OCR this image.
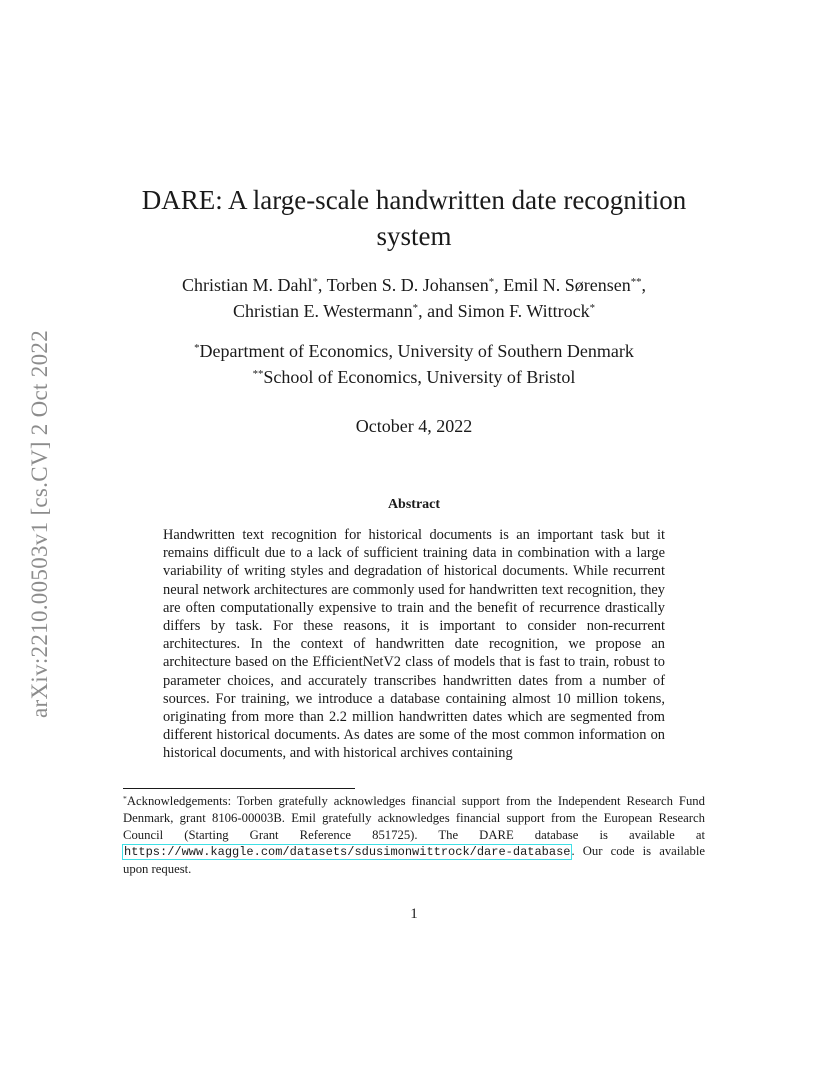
arXiv:2210.00503v1 [cs.CV] 2 Oct 2022
DARE: A large-scale handwritten date recognition system
Christian M. Dahl*, Torben S. D. Johansen*, Emil N. Sørensen**,
Christian E. Westermann*, and Simon F. Wittrock*
*Department of Economics, University of Southern Denmark
**School of Economics, University of Bristol
October 4, 2022
Abstract
Handwritten text recognition for historical documents is an important task but it remains difficult due to a lack of sufficient training data in combination with a large variability of writing styles and degradation of historical documents. While recurrent neural network architectures are commonly used for handwritten text recognition, they are often computationally expensive to train and the benefit of recurrence drastically differs by task. For these reasons, it is important to consider non-recurrent architectures. In the context of handwritten date recognition, we propose an architecture based on the EfficientNetV2 class of models that is fast to train, robust to parameter choices, and accurately transcribes handwritten dates from a number of sources. For training, we introduce a database containing almost 10 million tokens, originating from more than 2.2 million handwritten dates which are segmented from different historical documents. As dates are some of the most common information on historical documents, and with historical archives containing
*Acknowledgements: Torben gratefully acknowledges financial support from the Independent Research Fund Denmark, grant 8106-00003B. Emil gratefully acknowledges financial support from the European Research Council (Starting Grant Reference 851725). The DARE database is available at https://www.kaggle.com/datasets/sdusimonwittrock/dare-database. Our code is available upon request.
1
